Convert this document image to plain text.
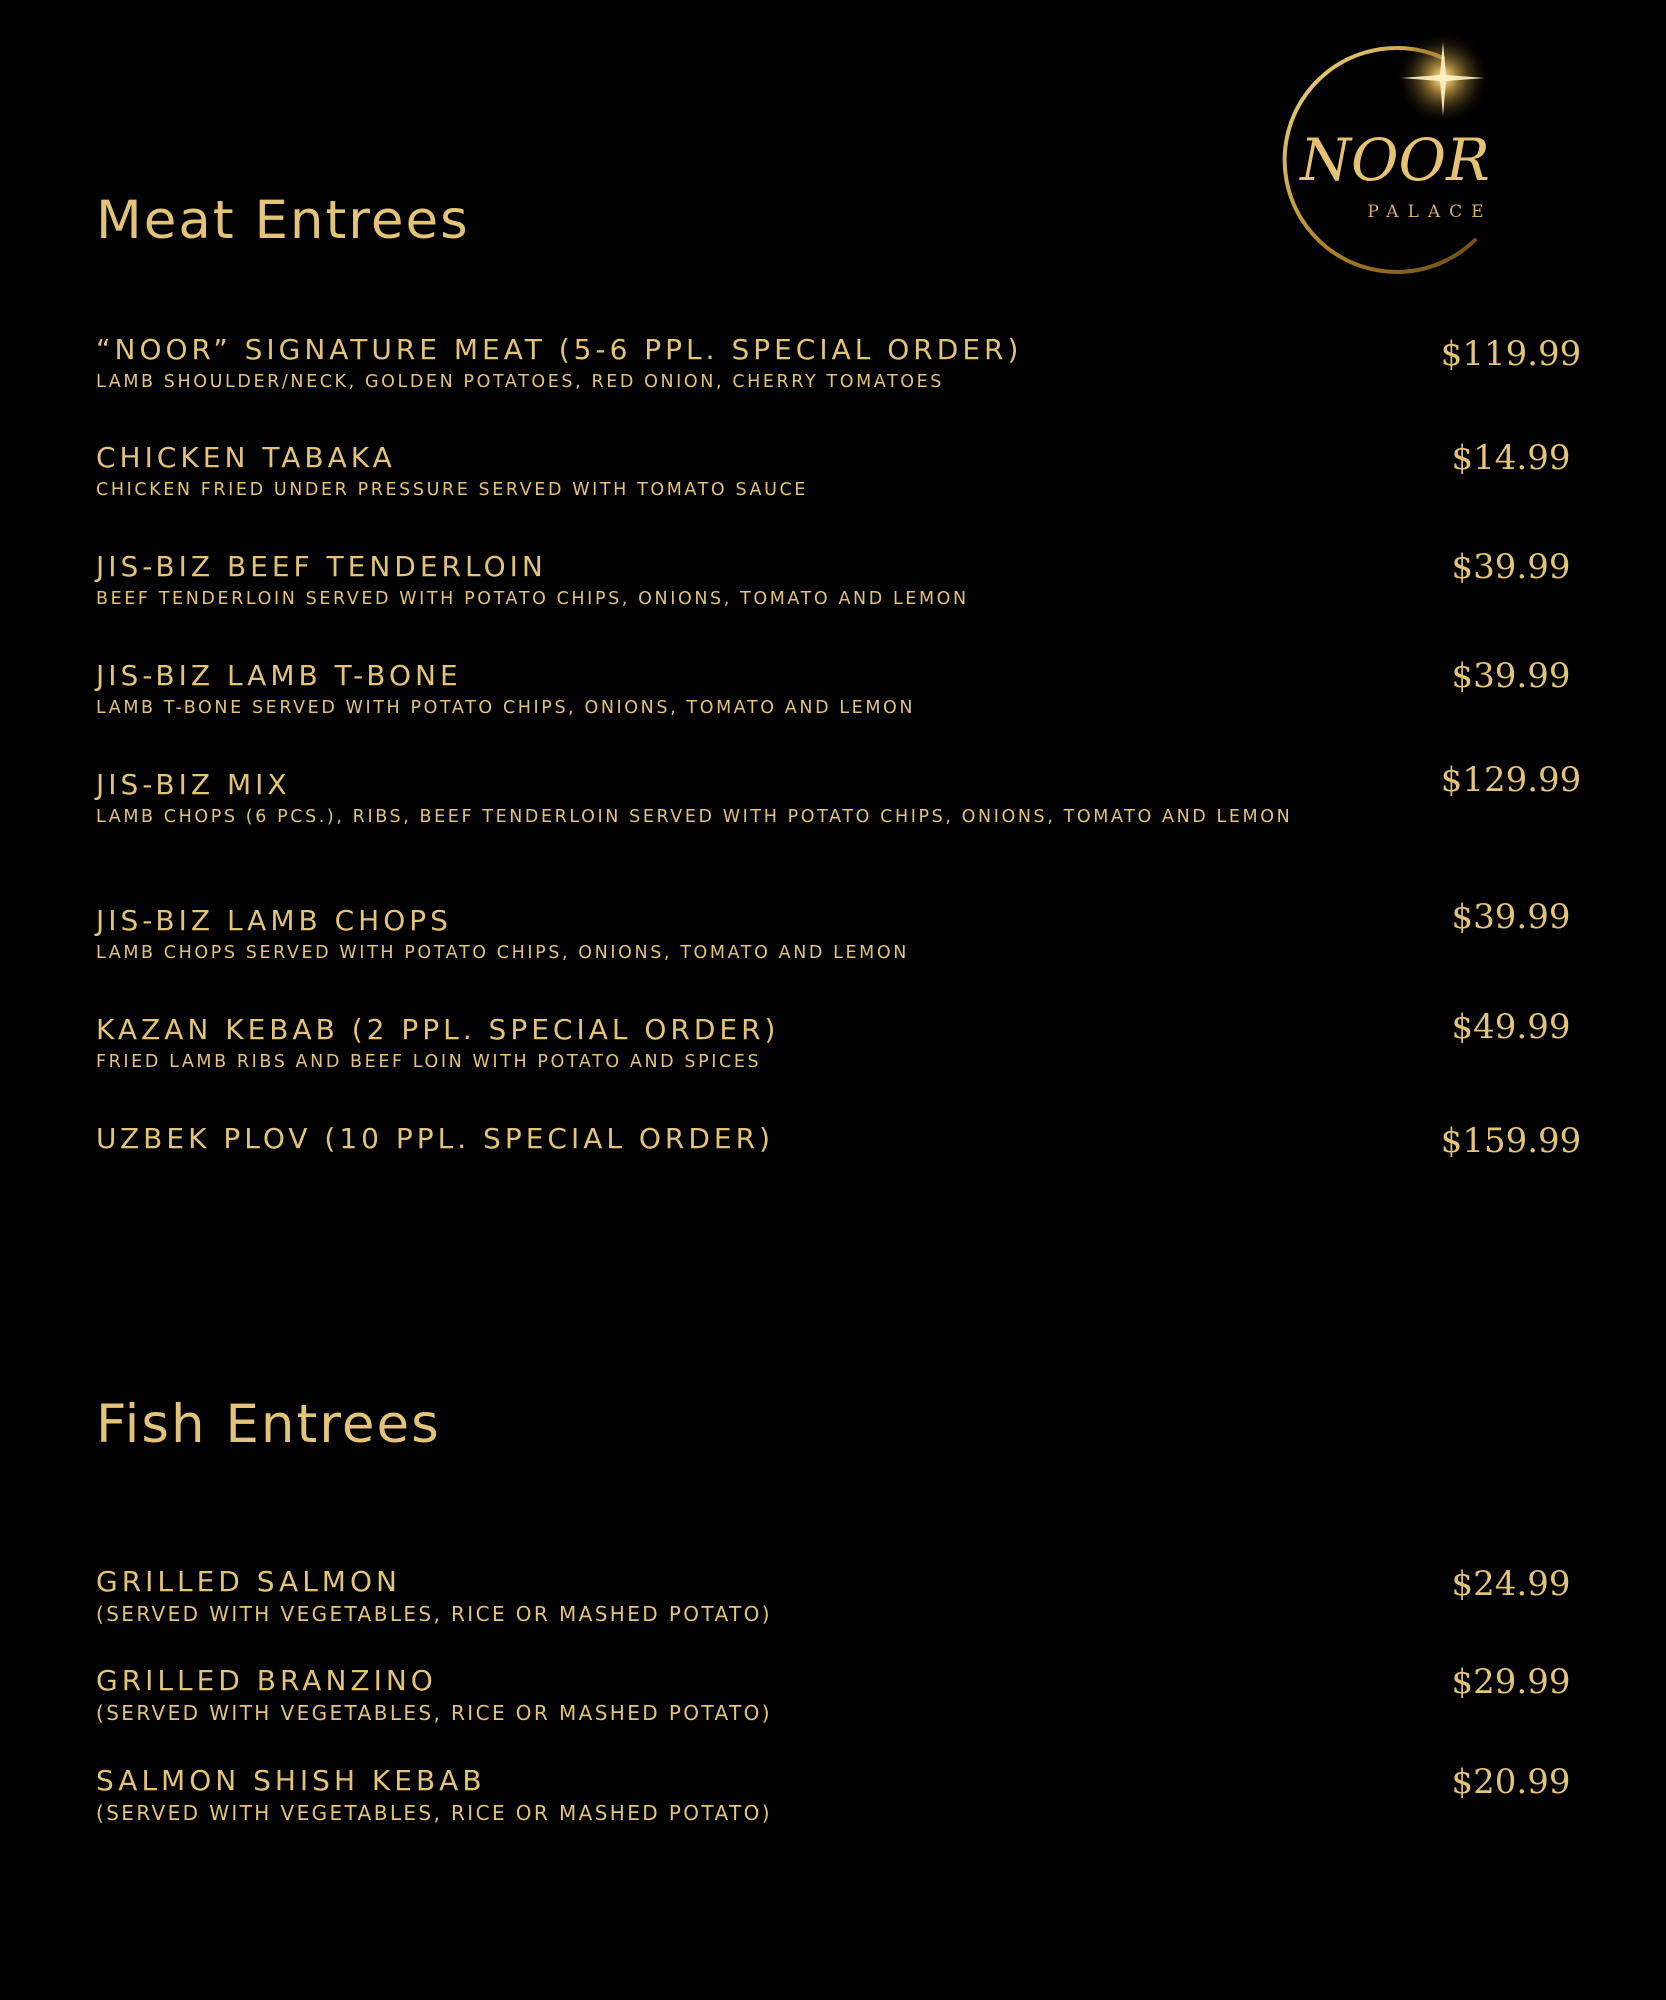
NOOR
PALACE
Meat Entrees
“NOOR” SIGNATURE MEAT (5-6 PPL. SPECIAL ORDER)
LAMB SHOULDER/NECK, GOLDEN POTATOES, RED ONION, CHERRY TOMATOES
$119.99
CHICKEN TABAKA
CHICKEN FRIED UNDER PRESSURE SERVED WITH TOMATO SAUCE
$14.99
JIS-BIZ BEEF TENDERLOIN
BEEF TENDERLOIN SERVED WITH POTATO CHIPS, ONIONS, TOMATO AND LEMON
$39.99
JIS-BIZ LAMB T-BONE
LAMB T-BONE SERVED WITH POTATO CHIPS, ONIONS, TOMATO AND LEMON
$39.99
JIS-BIZ MIX
LAMB CHOPS (6 PCS.), RIBS, BEEF TENDERLOIN SERVED WITH POTATO CHIPS, ONIONS, TOMATO AND LEMON
$129.99
JIS-BIZ LAMB CHOPS
LAMB CHOPS SERVED WITH POTATO CHIPS, ONIONS, TOMATO AND LEMON
$39.99
KAZAN KEBAB (2 PPL. SPECIAL ORDER)
FRIED LAMB RIBS AND BEEF LOIN WITH POTATO AND SPICES
$49.99
UZBEK PLOV (10 PPL. SPECIAL ORDER)	$159.99
Fish Entrees
GRILLED SALMON
(SERVED WITH VEGETABLES, RICE OR MASHED POTATO)
$24.99
GRILLED BRANZINO
(SERVED WITH VEGETABLES, RICE OR MASHED POTATO)
$29.99
SALMON SHISH KEBAB
(SERVED WITH VEGETABLES, RICE OR MASHED POTATO)
$20.99
